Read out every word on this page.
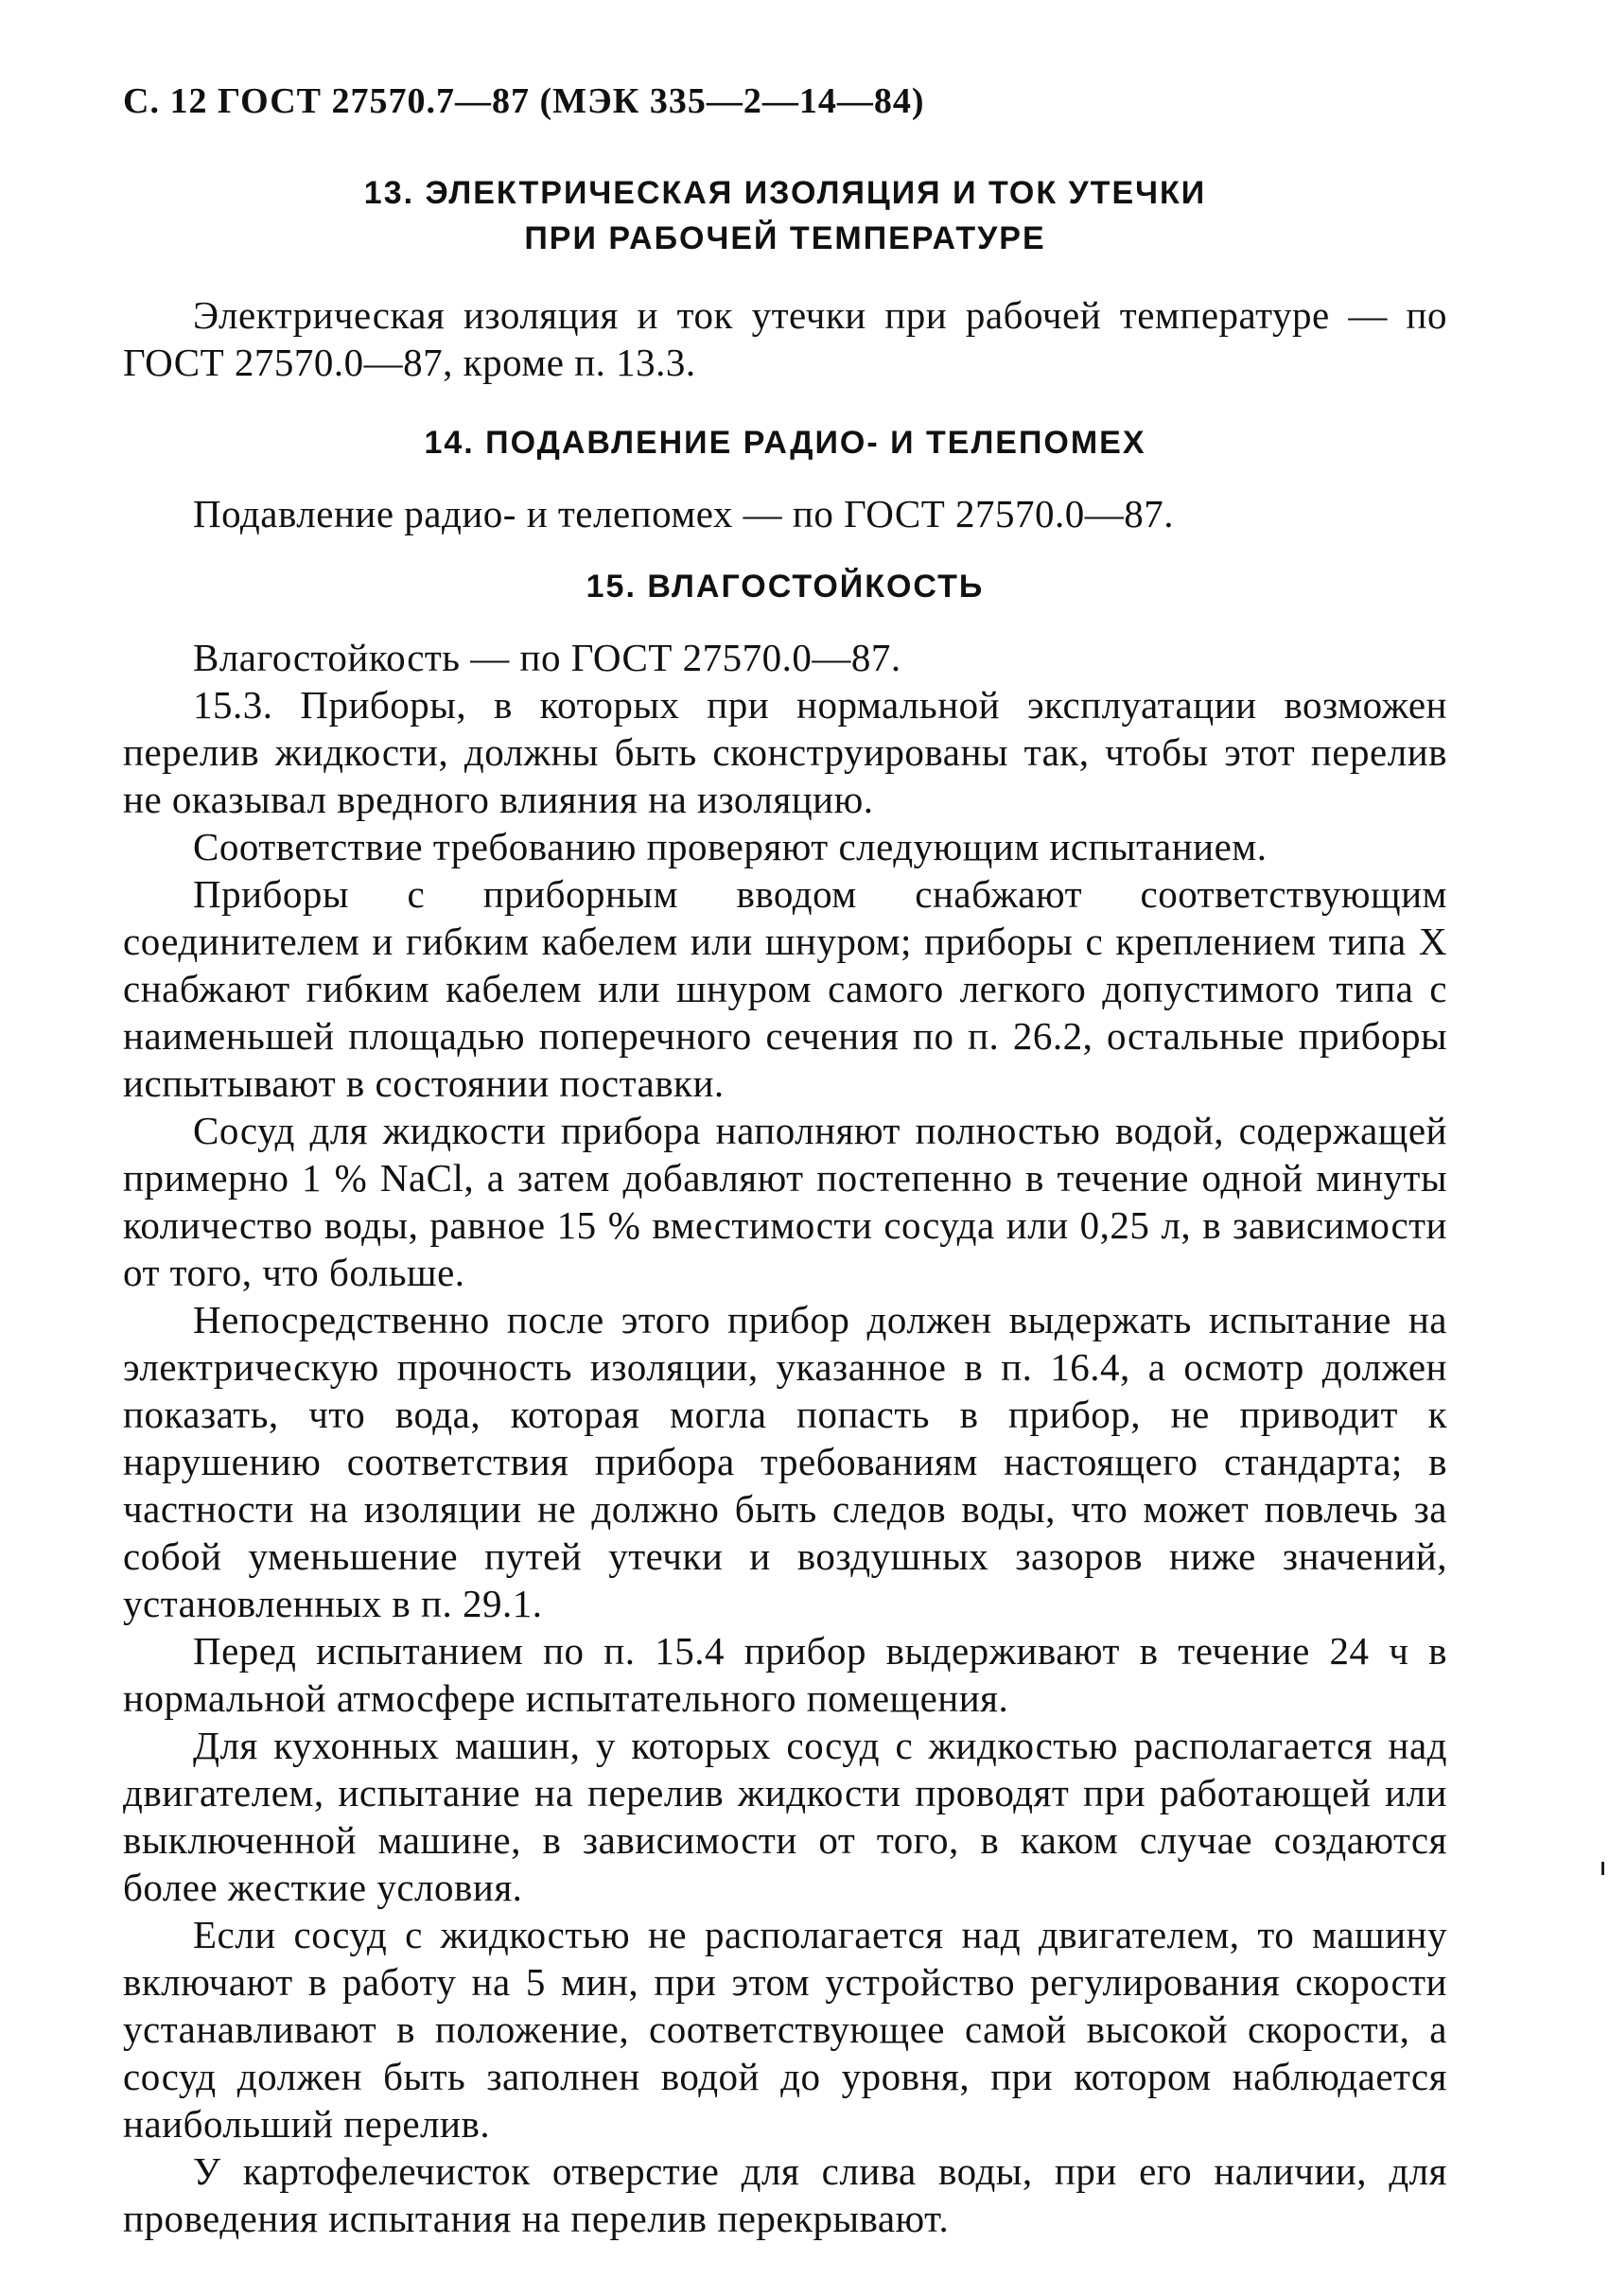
С. 12 ГОСТ 27570.7—87 (МЭК 335—2—14—84)

13. ЭЛЕКТРИЧЕСКАЯ ИЗОЛЯЦИЯ И ТОК УТЕЧКИ

ПРИ РАБОЧЕЙ ТЕМПЕРАТУРЕ

Электрическая изоляция и ток утечки при рабочей температуре — по ГОСТ 27570.0—87, кроме п. 13.3.

14. ПОДАВЛЕНИЕ РАДИО- И ТЕЛЕПОМЕХ

Подавление радио- и телепомех — по ГОСТ 27570.0—87.

15. ВЛАГОСТОЙКОСТЬ

Влагостойкость — по ГОСТ 27570.0—87.

15.3. Приборы, в которых при нормальной эксплуатации возможен перелив жидкости, должны быть сконструированы так, чтобы этот перелив не оказывал вредного влияния на изоляцию.

Соответствие требованию проверяют следующим испытанием.

Приборы с приборным вводом снабжают соответствующим соединителем и гибким кабелем или шнуром; приборы с креплением типа X снабжают гибким кабелем или шнуром самого легкого допустимого типа с наименьшей площадью поперечного сечения по п. 26.2, остальные приборы испытывают в состоянии поставки.

Сосуд для жидкости прибора наполняют полностью водой, содержащей примерно 1 % NaCl, а затем добавляют постепенно в течение одной минуты количество воды, равное 15 % вместимости сосуда или 0,25 л, в зависимости от того, что больше.

Непосредственно после этого прибор должен выдержать испытание на электрическую прочность изоляции, указанное в п. 16.4, а осмотр должен показать, что вода, которая могла попасть в прибор, не приводит к нарушению соответствия прибора требованиям настоящего стандарта; в частности на изоляции не должно быть следов воды, что может повлечь за собой уменьшение путей утечки и воздушных зазоров ниже значений, установленных в п. 29.1.

Перед испытанием по п. 15.4 прибор выдерживают в течение 24 ч в нормальной атмосфере испытательного помещения.

Для кухонных машин, у которых сосуд с жидкостью располагается над двигателем, испытание на перелив жидкости проводят при работающей или выключенной машине, в зависимости от того, в каком случае создаются более жесткие условия.

Если сосуд с жидкостью не располагается над двигателем, то машину включают в работу на 5 мин, при этом устройство регулирования скорости устанавливают в положение, соответствующее самой высокой скорости, а сосуд должен быть заполнен водой до уровня, при котором наблюдается наибольший перелив.

У картофелечисток отверстие для слива воды, при его наличии, для проведения испытания на перелив перекрывают.
